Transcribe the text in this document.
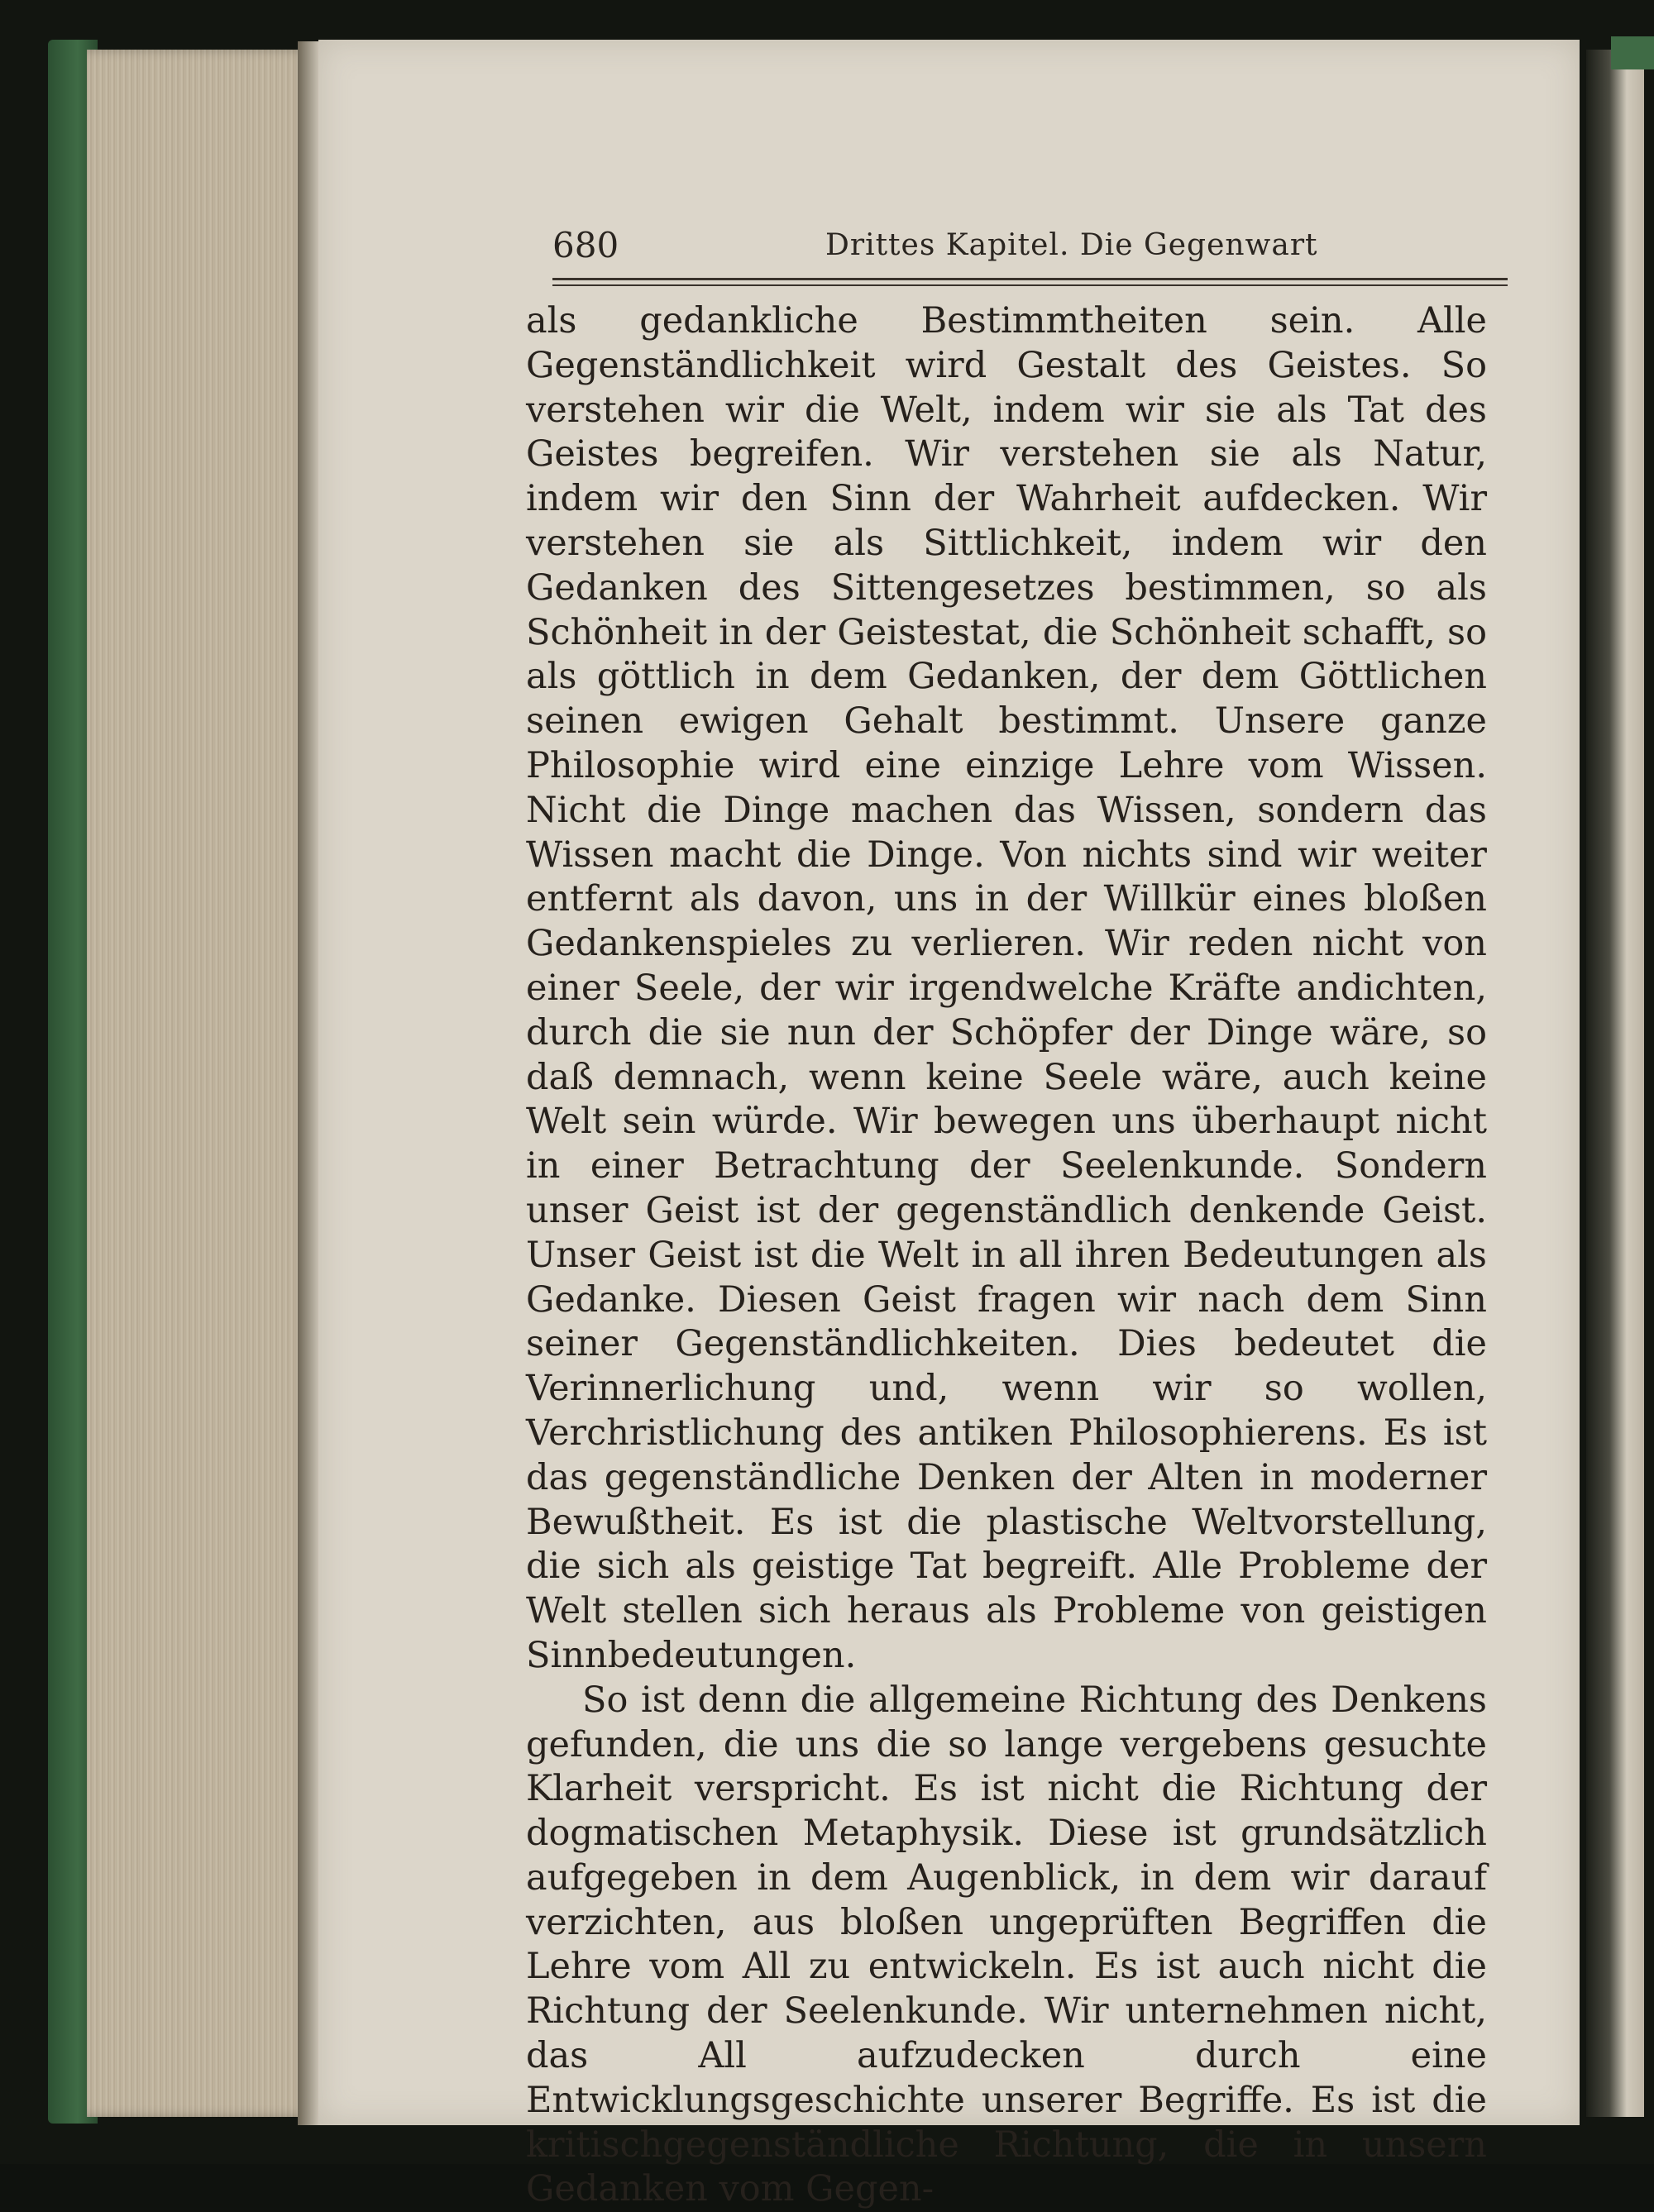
680	Drittes Kapitel. Die Gegenwart

als gedankliche Bestimmtheiten sein. Alle Gegenständlichkeit wird Gestalt des Geistes. So verstehen wir die Welt, indem wir sie als Tat des Geistes begreifen. Wir verstehen sie als Natur, indem wir den Sinn der Wahrheit aufdecken. Wir verstehen sie als Sittlichkeit, indem wir den Gedanken des Sittengesetzes bestimmen, so als Schönheit in der Geistestat, die Schönheit schafft, so als göttlich in dem Gedanken, der dem Göttlichen seinen ewigen Gehalt bestimmt. Unsere ganze Philosophie wird eine einzige Lehre vom Wissen. Nicht die Dinge machen das Wissen, sondern das Wissen macht die Dinge. Von nichts sind wir weiter entfernt als davon, uns in der Willkür eines bloßen Gedankenspieles zu verlieren. Wir reden nicht von einer Seele, der wir irgendwelche Kräfte andichten, durch die sie nun der Schöpfer der Dinge wäre, so daß demnach, wenn keine Seele wäre, auch keine Welt sein würde. Wir bewegen uns überhaupt nicht in einer Betrachtung der Seelenkunde. Sondern unser Geist ist der gegenständlich denkende Geist. Unser Geist ist die Welt in all ihren Bedeutungen als Gedanke. Diesen Geist fragen wir nach dem Sinn seiner Gegenständlichkeiten. Dies bedeutet die Verinnerlichung und, wenn wir so wollen, Verchristlichung des antiken Philosophierens. Es ist das gegenständliche Denken der Alten in moderner Bewußtheit. Es ist die plastische Weltvorstellung, die sich als geistige Tat begreift. Alle Probleme der Welt stellen sich heraus als Probleme von geistigen Sinnbedeutungen.

So ist denn die allgemeine Richtung des Denkens gefunden, die uns die so lange vergebens gesuchte Klarheit verspricht. Es ist nicht die Richtung der dogmatischen Metaphysik. Diese ist grundsätzlich aufgegeben in dem Augenblick, in dem wir darauf verzichten, aus bloßen ungeprüften Begriffen die Lehre vom All zu entwickeln. Es ist auch nicht die Richtung der Seelenkunde. Wir unternehmen nicht, das All aufzudecken durch eine Entwicklungsgeschichte unserer Begriffe. Es ist die kritischgegenständliche Richtung, die in unsern Gedanken vom Gegen-
